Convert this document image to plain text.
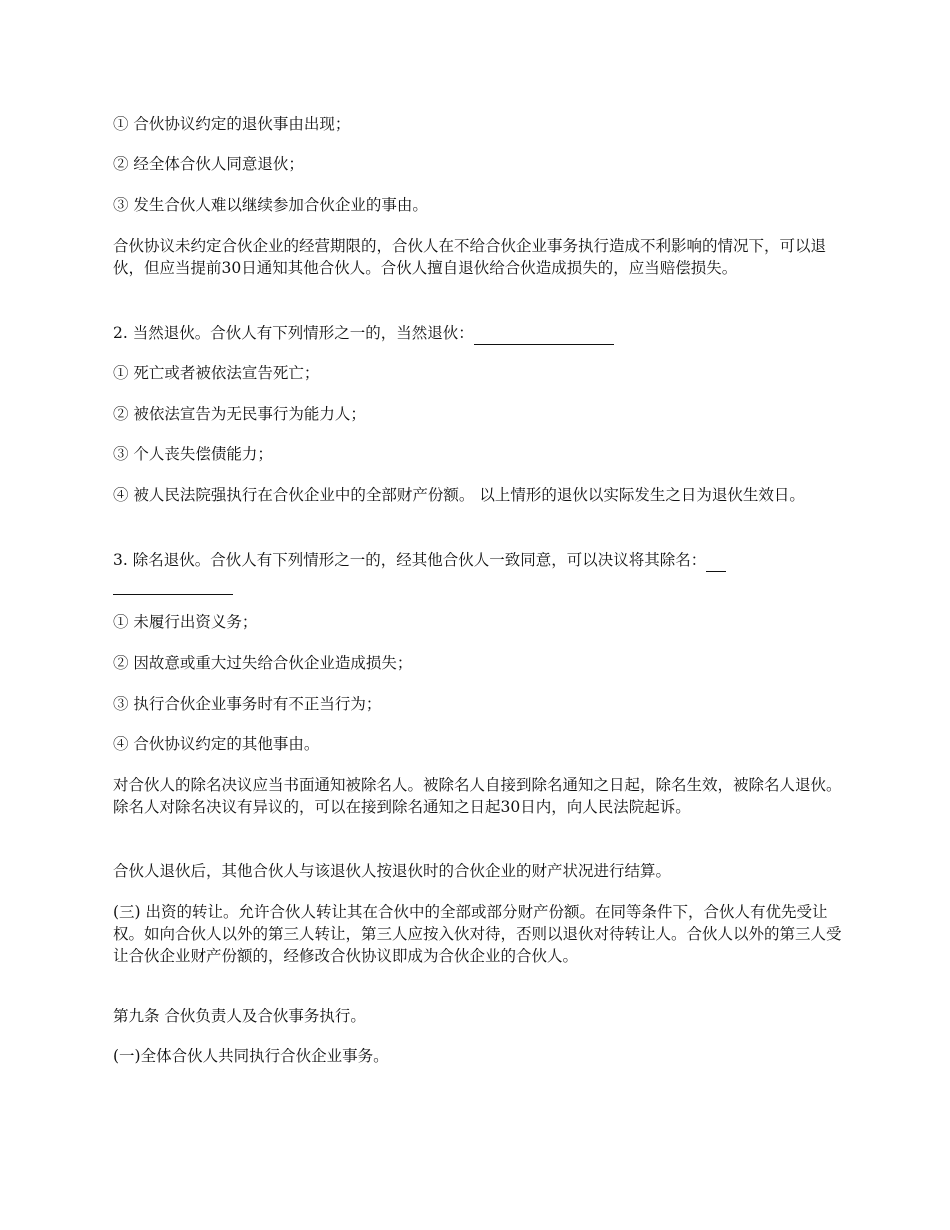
① 合伙协议约定的退伙事由出现；

② 经全体合伙人同意退伙；

③ 发生合伙人难以继续参加合伙企业的事由。

合伙协议未约定合伙企业的经营期限的，合伙人在不给合伙企业事务执行造成不利影响的情况下，可以退伙，但应当提前30日通知其他合伙人。合伙人擅自退伙给合伙造成损失的，应当赔偿损失。

2. 当然退伙。合伙人有下列情形之一的，当然退伙：

① 死亡或者被依法宣告死亡；

② 被依法宣告为无民事行为能力人；

③ 个人丧失偿债能力；

④ 被人民法院强执行在合伙企业中的全部财产份额。 以上情形的退伙以实际发生之日为退伙生效日。

3. 除名退伙。合伙人有下列情形之一的，经其他合伙人一致同意，可以决议将其除名：

① 未履行出资义务；

② 因故意或重大过失给合伙企业造成损失；

③ 执行合伙企业事务时有不正当行为；

④ 合伙协议约定的其他事由。

对合伙人的除名决议应当书面通知被除名人。被除名人自接到除名通知之日起，除名生效，被除名人退伙。除名人对除名决议有异议的，可以在接到除名通知之日起30日内，向人民法院起诉。

合伙人退伙后，其他合伙人与该退伙人按退伙时的合伙企业的财产状况进行结算。

(三) 出资的转让。允许合伙人转让其在合伙中的全部或部分财产份额。在同等条件下，合伙人有优先受让权。如向合伙人以外的第三人转让，第三人应按入伙对待，否则以退伙对待转让人。合伙人以外的第三人受让合伙企业财产份额的，经修改合伙协议即成为合伙企业的合伙人。

第九条 合伙负责人及合伙事务执行。

(一)全体合伙人共同执行合伙企业事务。
